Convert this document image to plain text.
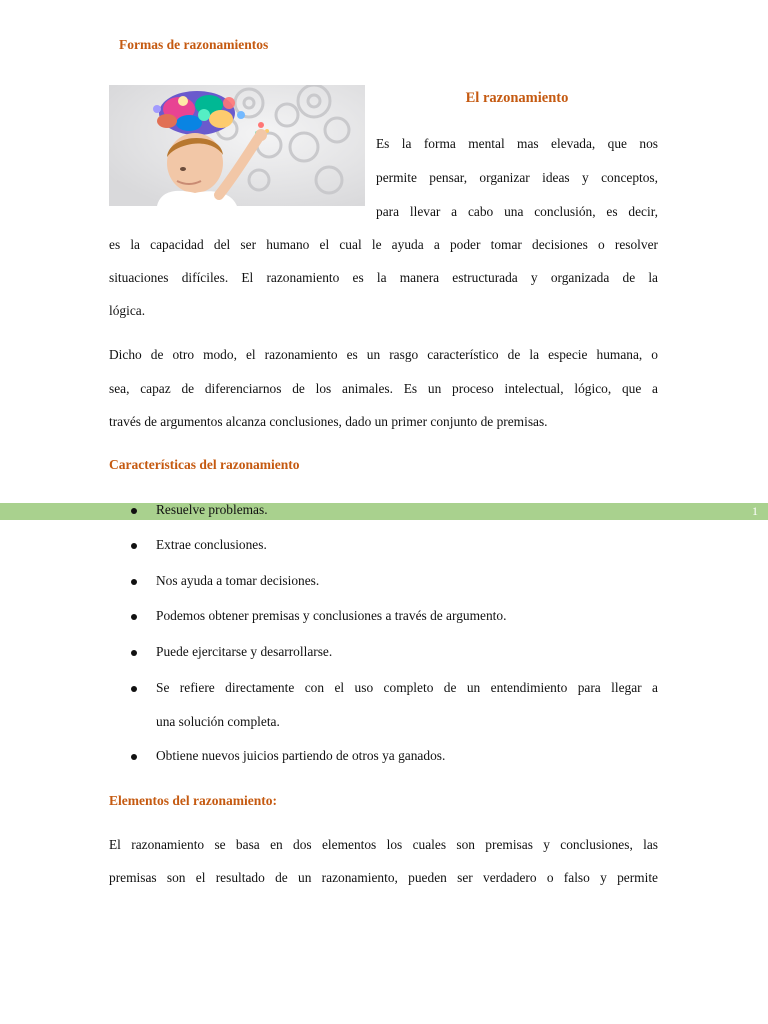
Formas de razonamientos
El razonamiento
Es la forma mental mas elevada, que nos
permite pensar, organizar ideas y conceptos,
para llevar a cabo una conclusión, es decir,
es la capacidad del ser humano el cual le ayuda a poder tomar decisiones o resolver
situaciones difíciles. El razonamiento es la manera estructurada y organizada de la
lógica.
Dicho de otro modo, el razonamiento es un rasgo característico de la especie humana, o
sea, capaz de diferenciarnos de los animales. Es un proceso intelectual, lógico, que a
través de argumentos alcanza conclusiones, dado un primer conjunto de premisas.
Características del razonamiento
1
Resuelve problemas.
Extrae conclusiones.
Nos ayuda a tomar decisiones.
Podemos obtener premisas y conclusiones a través de argumento.
Puede ejercitarse y desarrollarse.
Se refiere directamente con el uso completo de un entendimiento para llegar a
una solución completa.
Obtiene nuevos juicios partiendo de otros ya ganados.
Elementos del razonamiento:
El razonamiento se basa en dos elementos los cuales son premisas y conclusiones, las
premisas son el resultado de un razonamiento, pueden ser verdadero o falso y permite
